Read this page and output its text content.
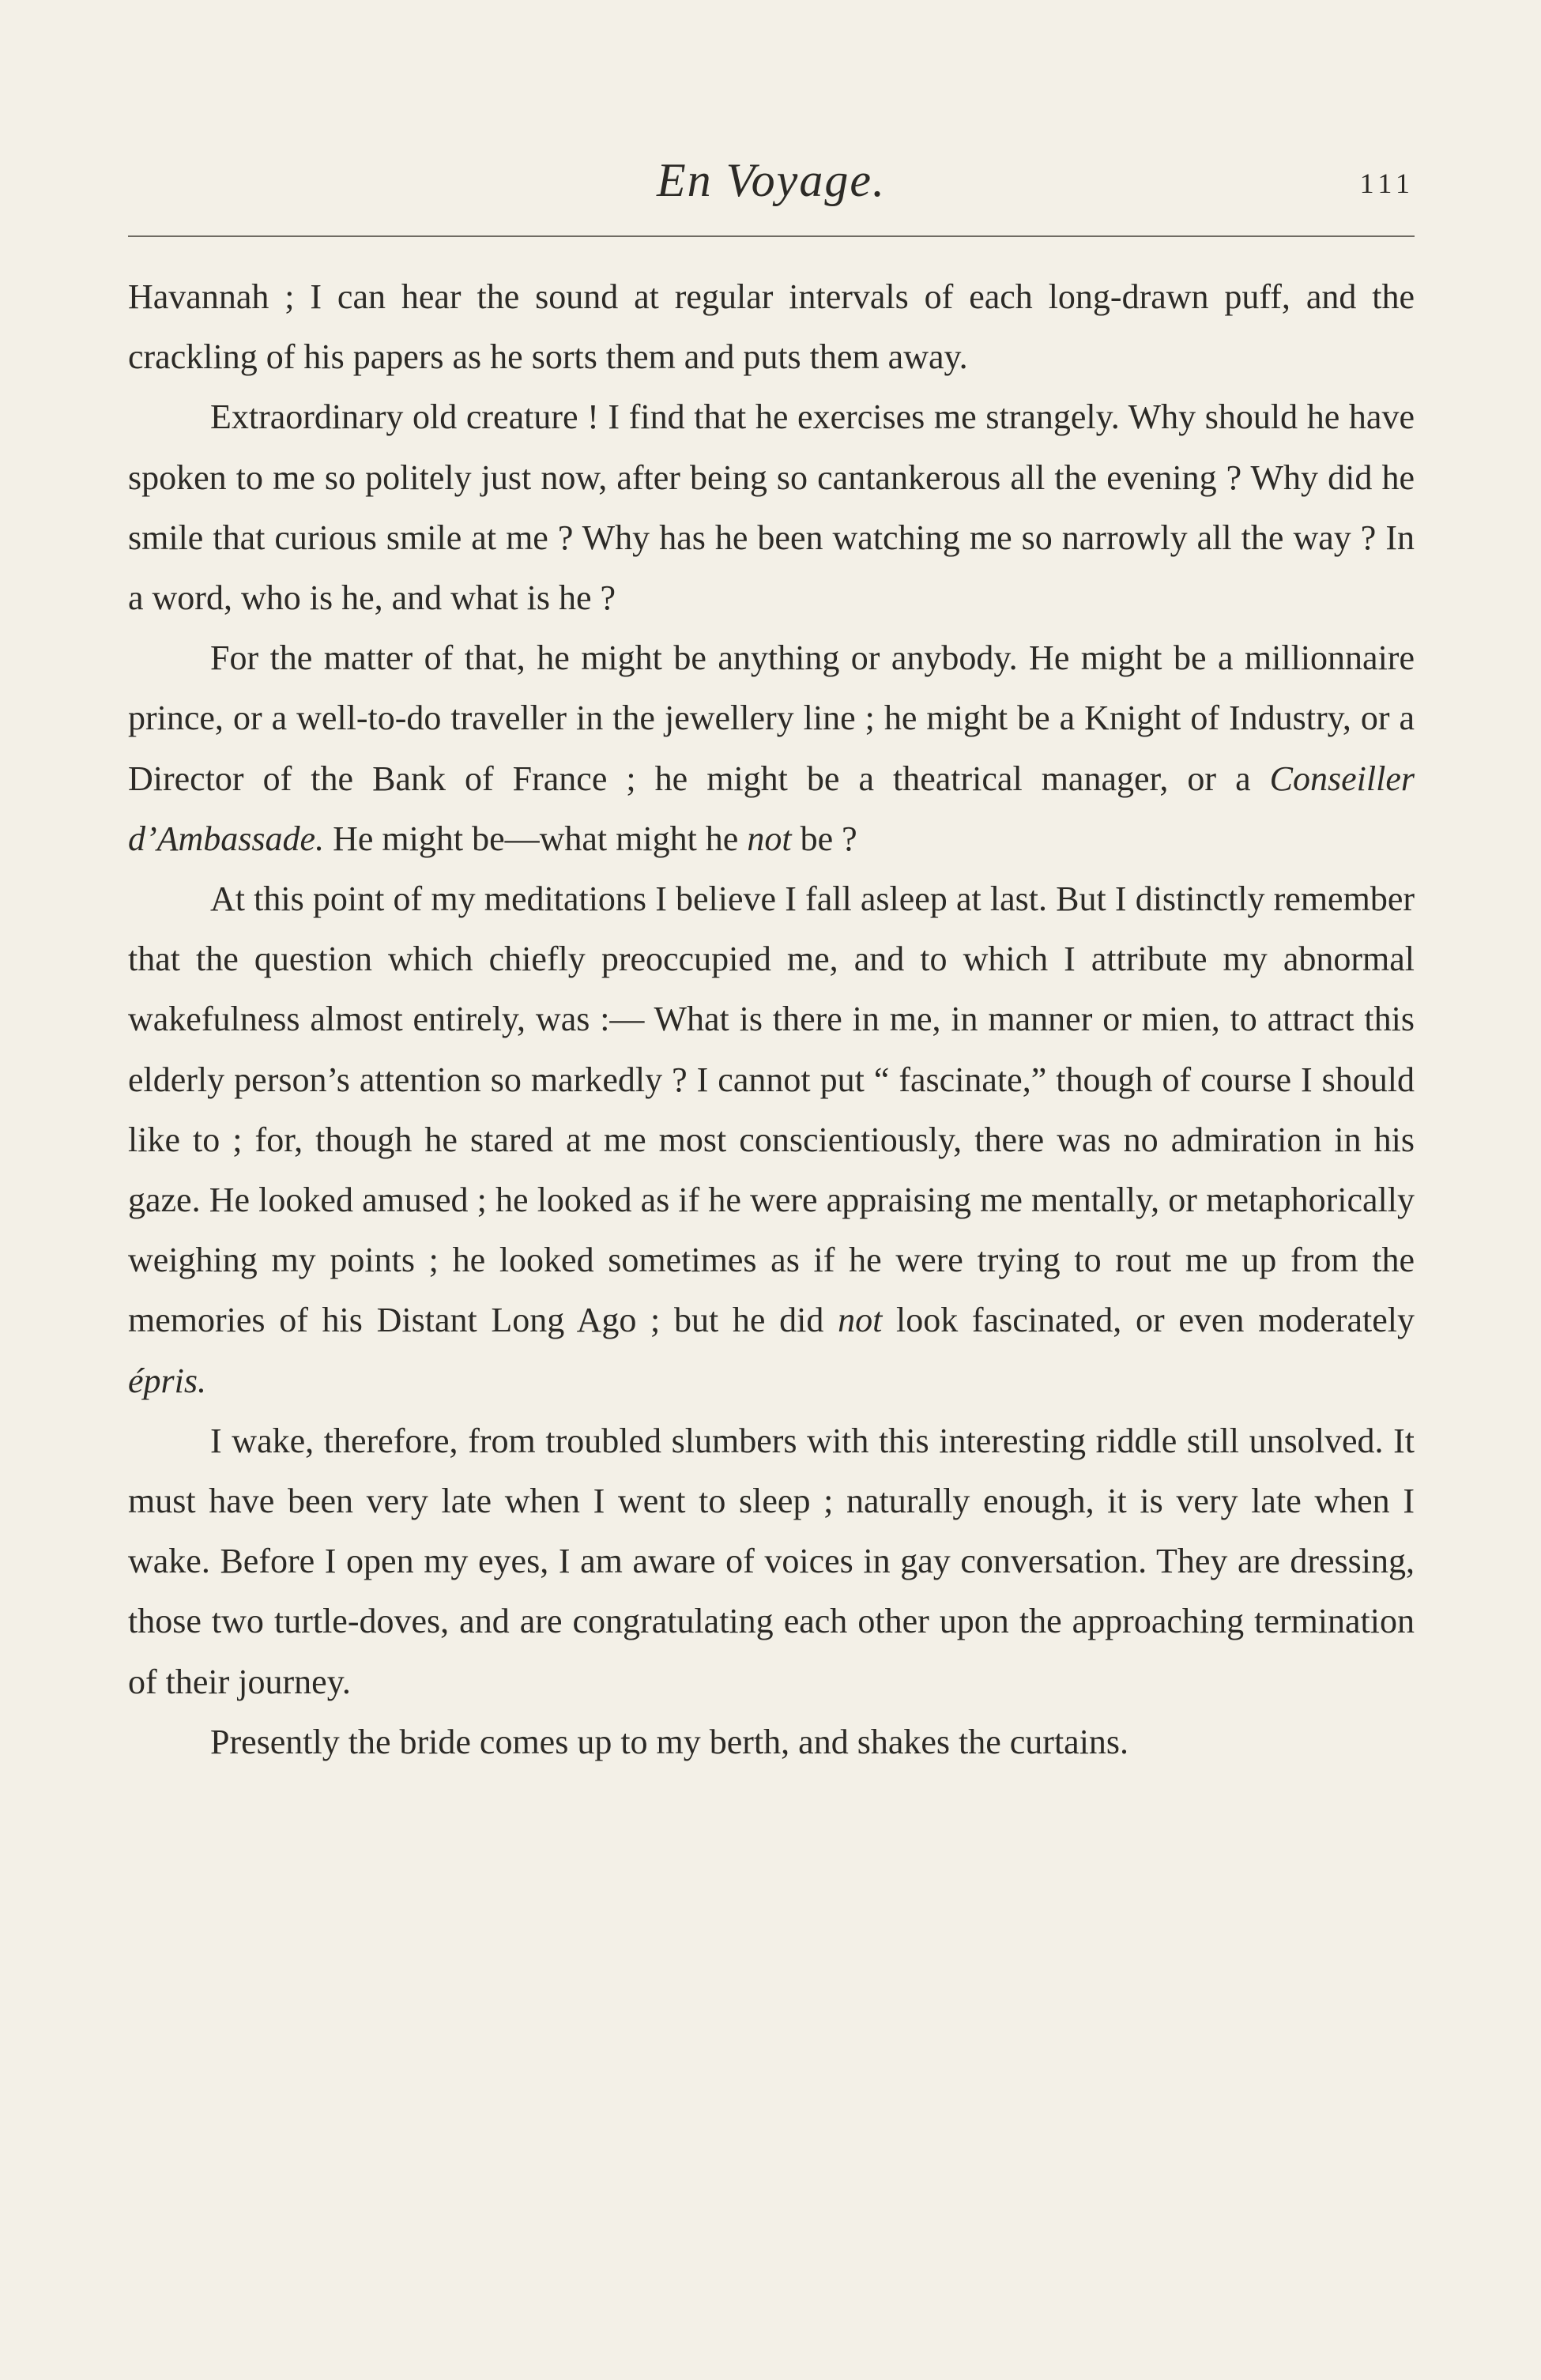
En Voyage.	111

Havannah ; I can hear the sound at regular intervals of each long-drawn puff, and the crackling of his papers as he sorts them and puts them away.

Extraordinary old creature ! I find that he exercises me strangely. Why should he have spoken to me so politely just now, after being so cantankerous all the evening ? Why did he smile that curious smile at me ? Why has he been watching me so narrowly all the way ? In a word, who is he, and what is he ?

For the matter of that, he might be anything or anybody. He might be a millionnaire prince, or a well-to-do traveller in the jewellery line ; he might be a Knight of Industry, or a Director of the Bank of France ; he might be a theatrical manager, or a Conseiller d’Ambassade. He might be—what might he not be ?

At this point of my meditations I believe I fall asleep at last. But I distinctly remember that the question which chiefly preoccupied me, and to which I attribute my abnormal wakefulness almost entirely, was :— What is there in me, in manner or mien, to attract this elderly person’s attention so markedly ? I cannot put “ fascinate,” though of course I should like to ; for, though he stared at me most conscientiously, there was no admiration in his gaze. He looked amused ; he looked as if he were appraising me mentally, or metaphorically weighing my points ; he looked sometimes as if he were trying to rout me up from the memories of his Distant Long Ago ; but he did not look fascinated, or even moderately épris.

I wake, therefore, from troubled slumbers with this interesting riddle still unsolved. It must have been very late when I went to sleep ; naturally enough, it is very late when I wake. Before I open my eyes, I am aware of voices in gay conversation. They are dressing, those two turtle-doves, and are congratulating each other upon the approaching termination of their journey.

Presently the bride comes up to my berth, and shakes the curtains.
